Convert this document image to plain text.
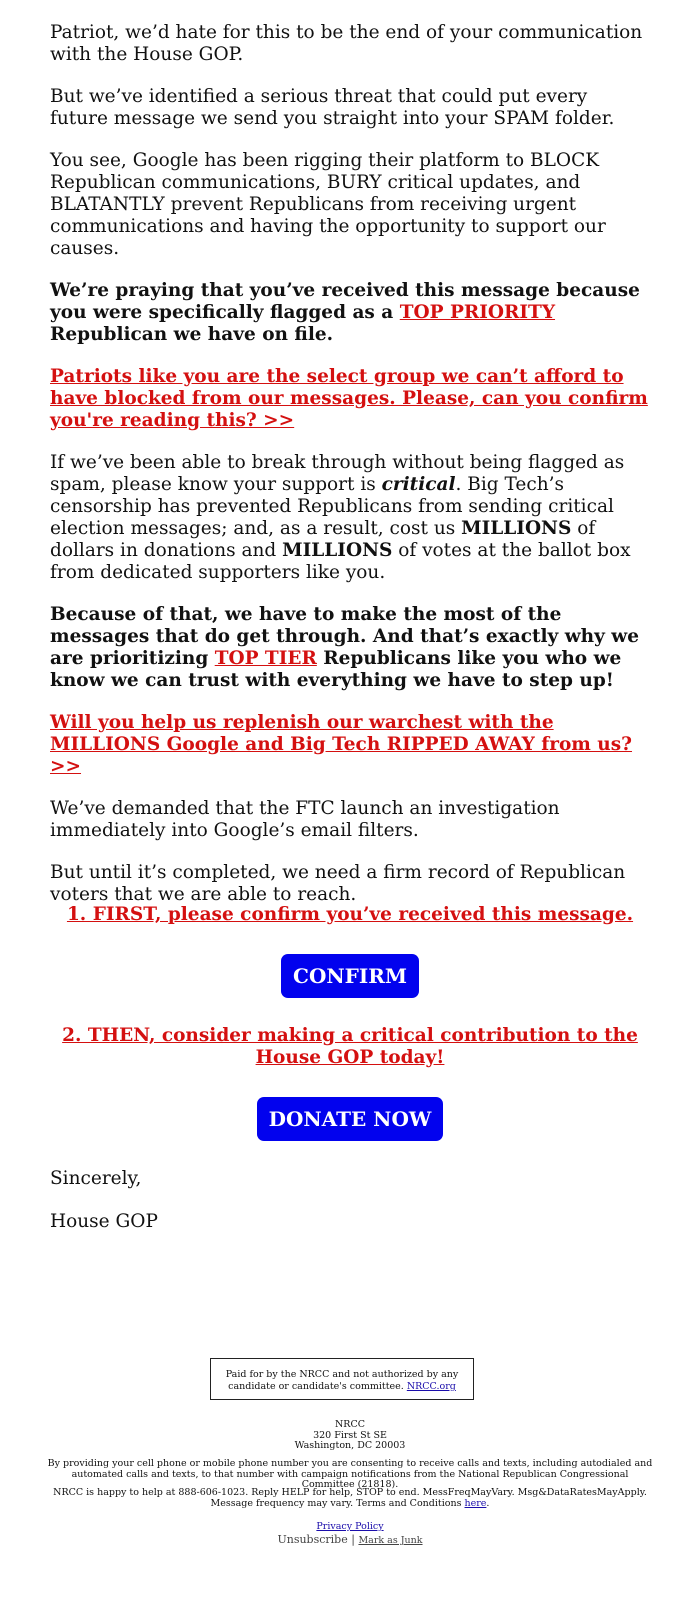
Patriot, we’d hate for this to be the end of your communication with the House GOP.

But we’ve identified a serious threat that could put every future message we send you straight into your SPAM folder.

You see, Google has been rigging their platform to BLOCK Republican communications, BURY critical updates, and BLATANTLY prevent Republicans from receiving urgent communications and having the opportunity to support our causes.

We’re praying that you’ve received this message because you were specifically flagged as a TOP PRIORITY Republican we have on file.

Patriots like you are the select group we can’t afford to have blocked from our messages. Please, can you confirm you're reading this? >>

If we’ve been able to break through without being flagged as spam, please know your support is critical. Big Tech’s censorship has prevented Republicans from sending critical election messages; and, as a result, cost us MILLIONS of dollars in donations and MILLIONS of votes at the ballot box from dedicated supporters like you.

Because of that, we have to make the most of the messages that do get through. And that’s exactly why we are prioritizing TOP TIER Republicans like you who we know we can trust with everything we have to step up!

Will you help us replenish our warchest with the MILLIONS Google and Big Tech RIPPED AWAY from us? >>

We’ve demanded that the FTC launch an investigation immediately into Google’s email filters.

But until it’s completed, we need a firm record of Republican voters that we are able to reach.

1. FIRST, please confirm you’ve received this message.
CONFIRM
2. THEN, consider making a critical contribution to the House GOP today!
DONATE NOW
Sincerely,
House GOP
Paid for by the NRCC and not authorized by any candidate or candidate's committee. NRCC.org
NRCC
320 First St SE
Washington, DC 20003
By providing your cell phone or mobile phone number you are consenting to receive calls and texts, including autodialed and automated calls and texts, to that number with campaign notifications from the National Republican Congressional Committee (21818).
NRCC is happy to help at 888-606-1023. Reply HELP for help, STOP to end. MessFreqMayVary. Msg&DataRatesMayApply. Message frequency may vary. Terms and Conditions here.
Privacy Policy
Unsubscribe | Mark as Junk
